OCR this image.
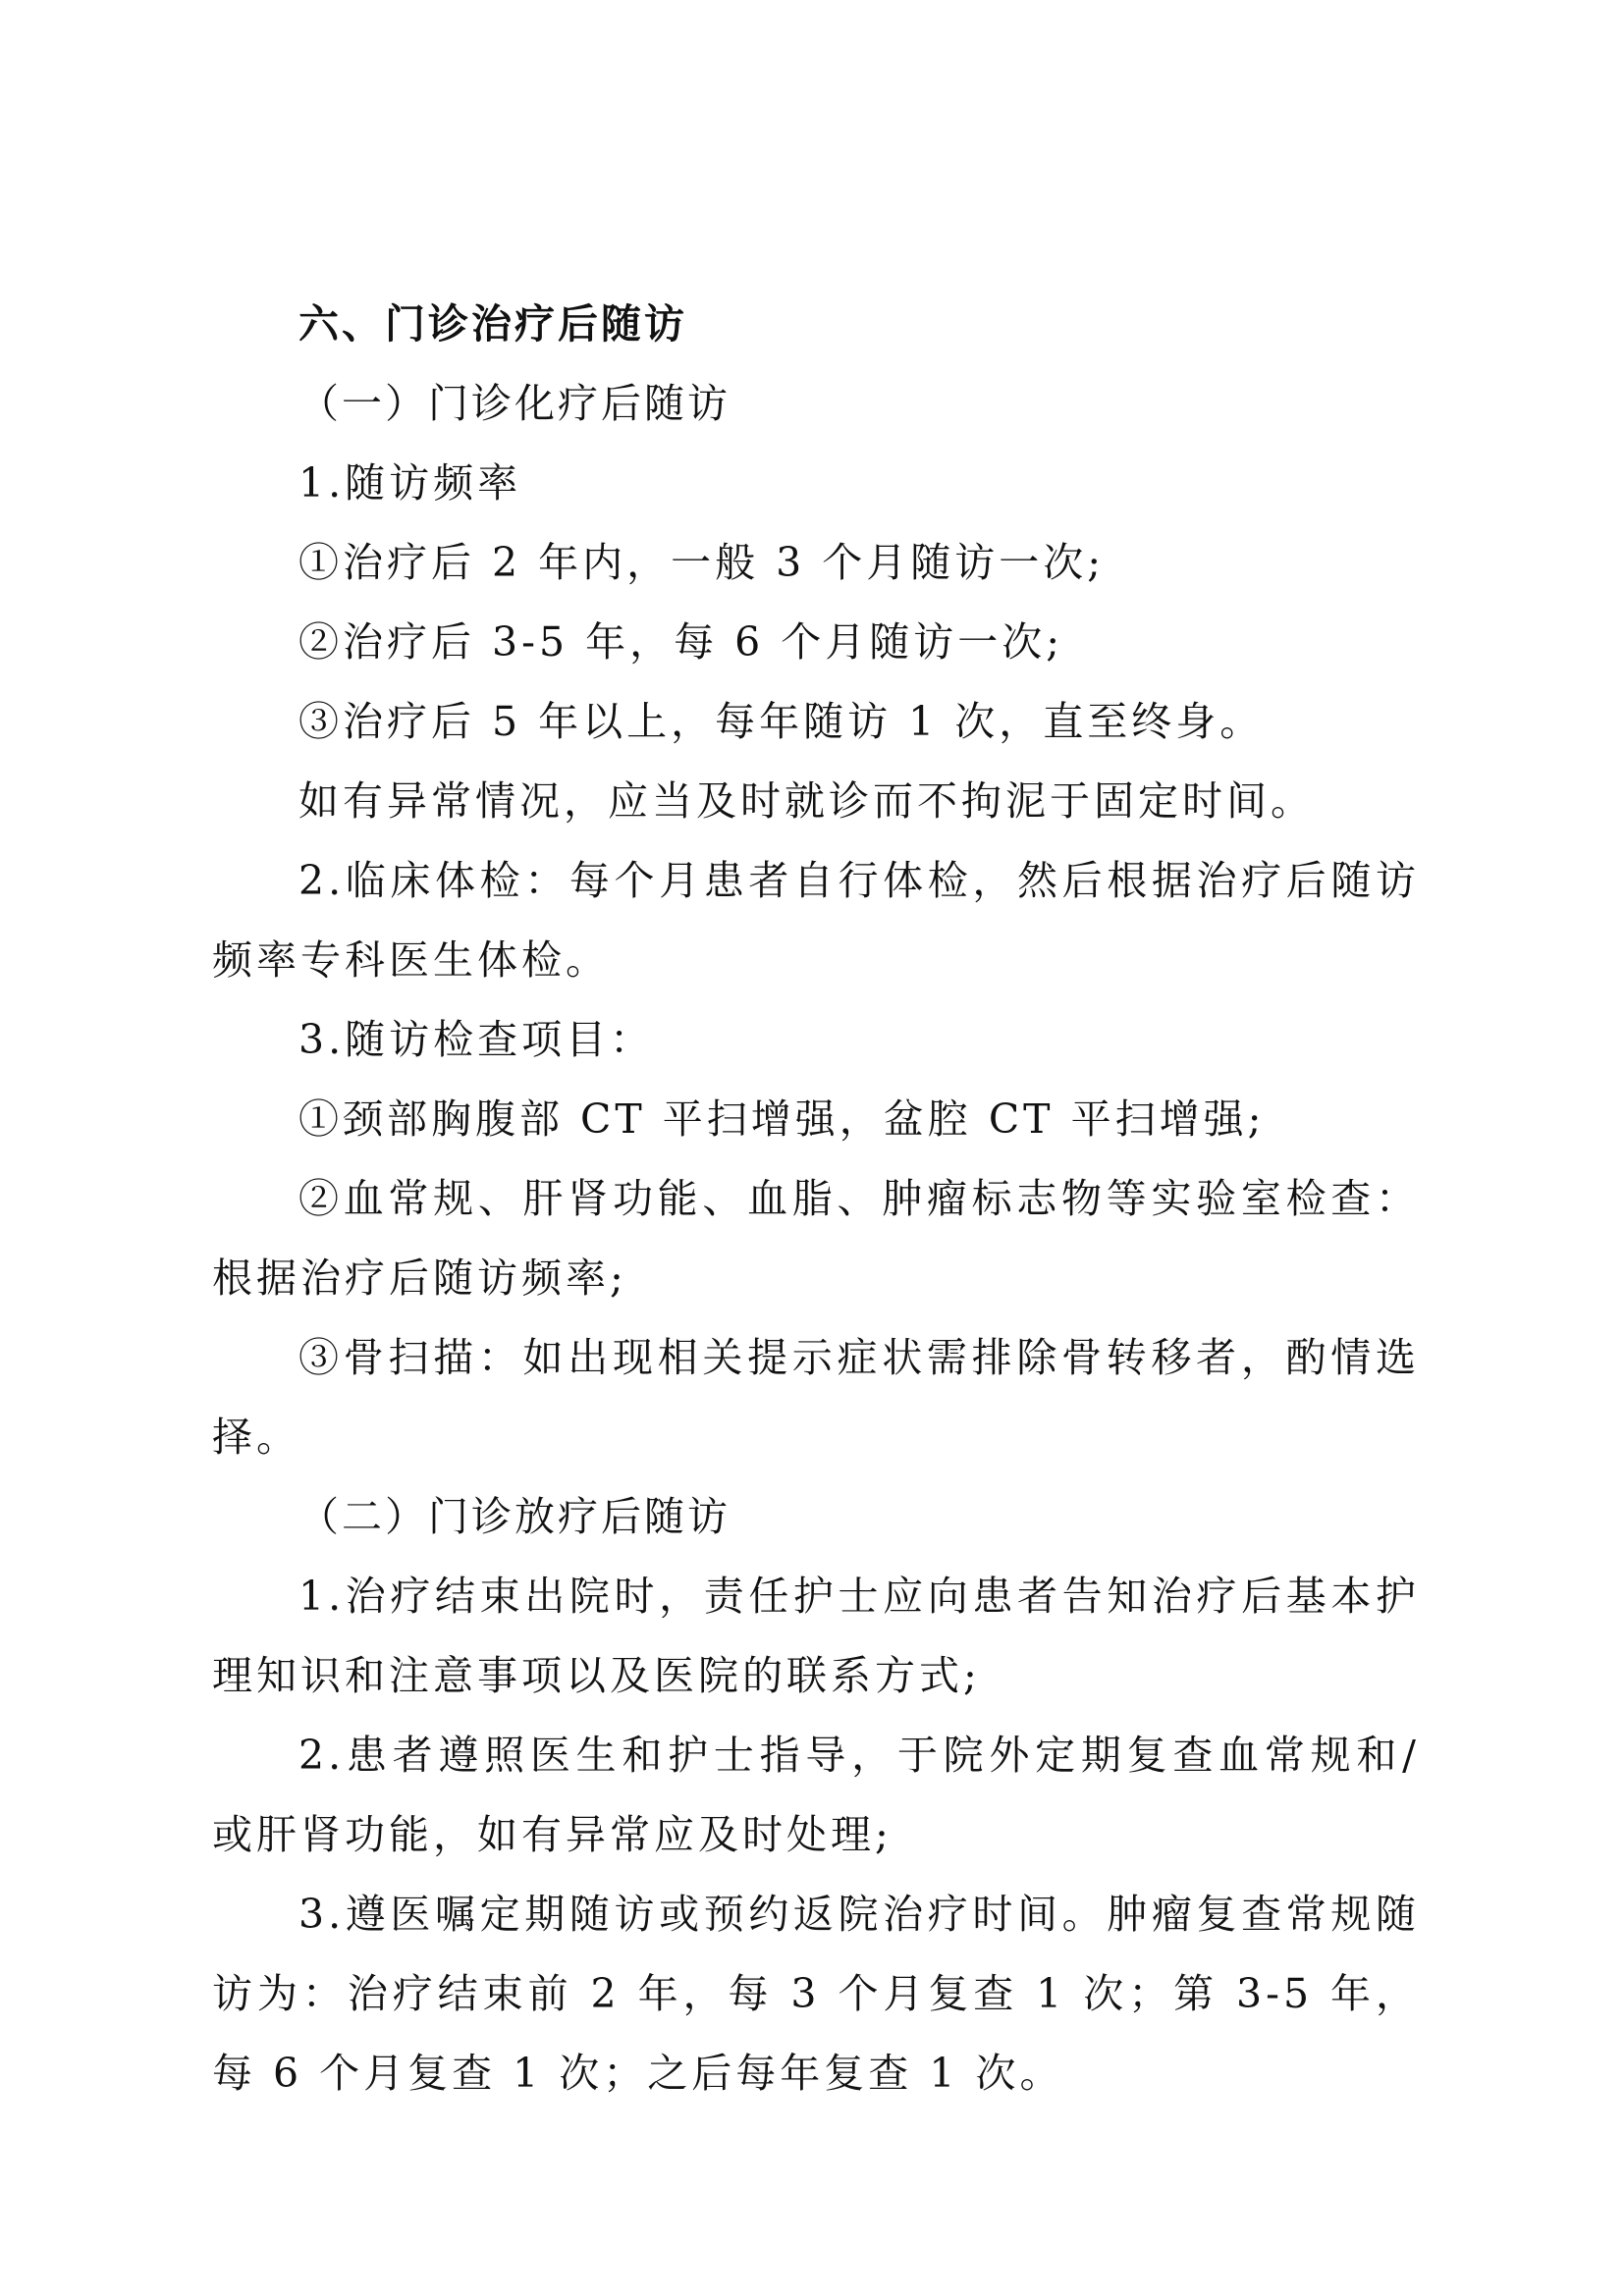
六、门诊治疗后随访

（一）门诊化疗后随访

1.随访频率

①治疗后 2 年内，一般 3 个月随访一次;

②治疗后 3-5 年，每 6 个月随访一次;

③治疗后 5 年以上，每年随访 1 次，直至终身。

如有异常情况，应当及时就诊而不拘泥于固定时间。

2.临床体检：每个月患者自行体检，然后根据治疗后随访频率专科医生体检。

3.随访检查项目：

①颈部胸腹部 CT 平扫增强，盆腔 CT 平扫增强;

②血常规、肝肾功能、血脂、肿瘤标志物等实验室检查：根据治疗后随访频率;

③骨扫描：如出现相关提示症状需排除骨转移者，酌情选择。

（二）门诊放疗后随访

1.治疗结束出院时，责任护士应向患者告知治疗后基本护理知识和注意事项以及医院的联系方式;

2.患者遵照医生和护士指导，于院外定期复查血常规和/或肝肾功能，如有异常应及时处理;

3.遵医嘱定期随访或预约返院治疗时间。肿瘤复查常规随访为：治疗结束前 2 年，每 3 个月复查 1 次；第 3-5 年，每 6 个月复查 1 次；之后每年复查 1 次。
